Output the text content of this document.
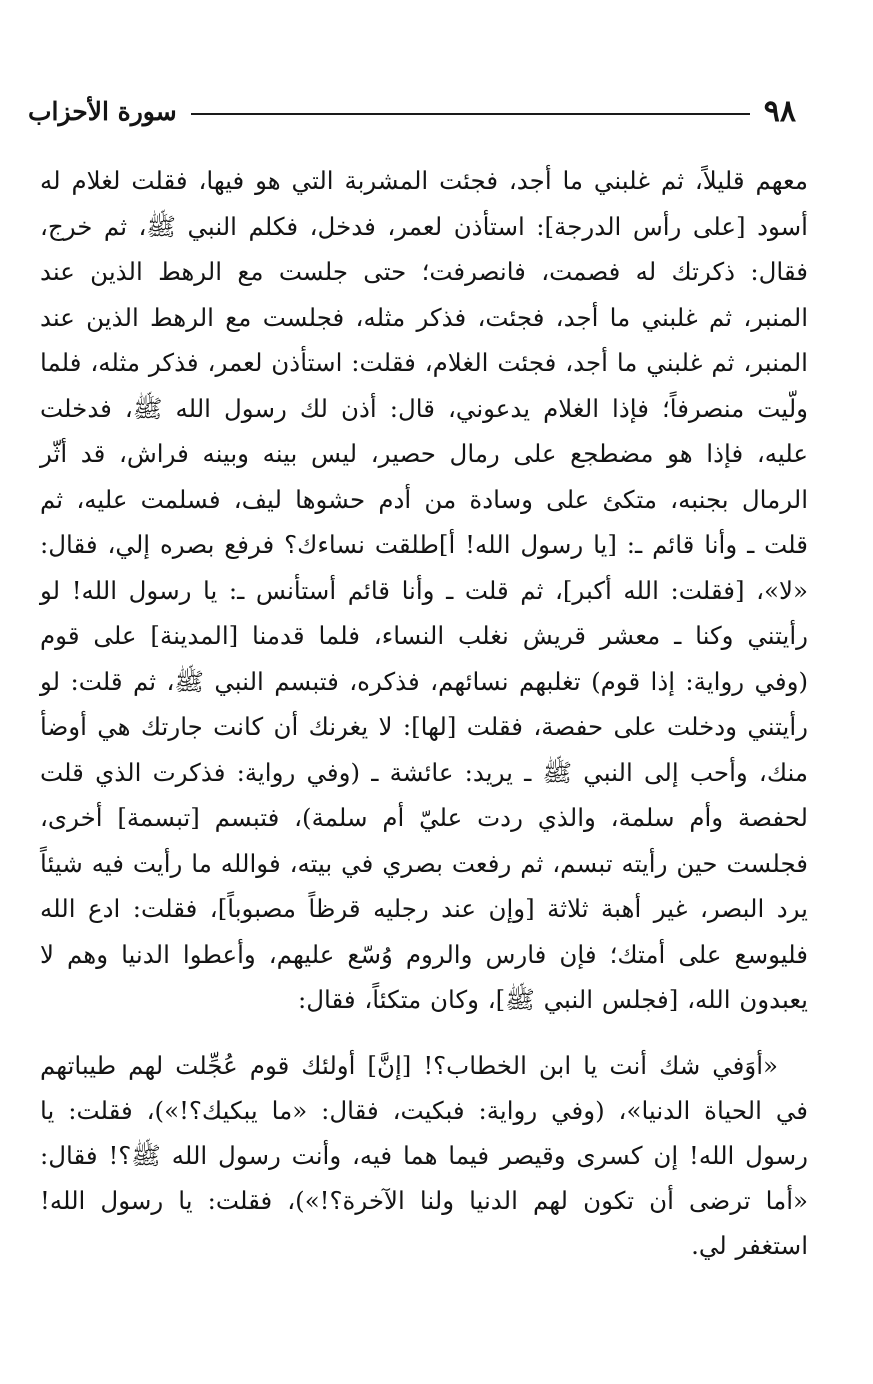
٩٨
سورة الأحزاب

معهم قليلاً، ثم غلبني ما أجد، فجئت المشربة التي هو فيها، فقلت لغلام له أسود [على رأس الدرجة]: استأذن لعمر، فدخل، فكلم النبي ﷺ، ثم خرج، فقال: ذكرتك له فصمت، فانصرفت؛ حتى جلست مع الرهط الذين عند المنبر، ثم غلبني ما أجد، فجئت، فذكر مثله، فجلست مع الرهط الذين عند المنبر، ثم غلبني ما أجد، فجئت الغلام، فقلت: استأذن لعمر، فذكر مثله، فلما ولّيت منصرفاً؛ فإذا الغلام يدعوني، قال: أذن لك رسول الله ﷺ، فدخلت عليه، فإذا هو مضطجع على رمال حصير، ليس بينه وبينه فراش، قد أثّر الرمال بجنبه، متكئ على وسادة من أدم حشوها ليف، فسلمت عليه، ثم قلت ـ وأنا قائم ـ: [يا رسول الله! أ]طلقت نساءك؟ فرفع بصره إلي، فقال: «لا»، [فقلت: الله أكبر]، ثم قلت ـ وأنا قائم أستأنس ـ: يا رسول الله! لو رأيتني وكنا ـ معشر قريش نغلب النساء، فلما قدمنا [المدينة] على قوم (وفي رواية: إذا قوم) تغلبهم نسائهم، فذكره، فتبسم النبي ﷺ، ثم قلت: لو رأيتني ودخلت على حفصة، فقلت [لها]: لا يغرنك أن كانت جارتك هي أوضأ منك، وأحب إلى النبي ﷺ ـ يريد: عائشة ـ (وفي رواية: فذكرت الذي قلت لحفصة وأم سلمة، والذي ردت عليّ أم سلمة)، فتبسم [تبسمة] أخرى، فجلست حين رأيته تبسم، ثم رفعت بصري في بيته، فوالله ما رأيت فيه شيئاً يرد البصر، غير أهبة ثلاثة [وإن عند رجليه قرظاً مصبوباً]، فقلت: ادع الله فليوسع على أمتك؛ فإن فارس والروم وُسّع عليهم، وأعطوا الدنيا وهم لا يعبدون الله، [فجلس النبي ﷺ]، وكان متكئاً، فقال:

«أوَفي شك أنت يا ابن الخطاب؟! [إنَّ] أولئك قوم عُجِّلت لهم طيباتهم في الحياة الدنيا»، (وفي رواية: فبكيت، فقال: «ما يبكيك؟!»)، فقلت: يا رسول الله! إن كسرى وقيصر فيما هما فيه، وأنت رسول الله ﷺ؟! فقال: «أما ترضى أن تكون لهم الدنيا ولنا الآخرة؟!»)، فقلت: يا رسول الله! استغفر لي.
